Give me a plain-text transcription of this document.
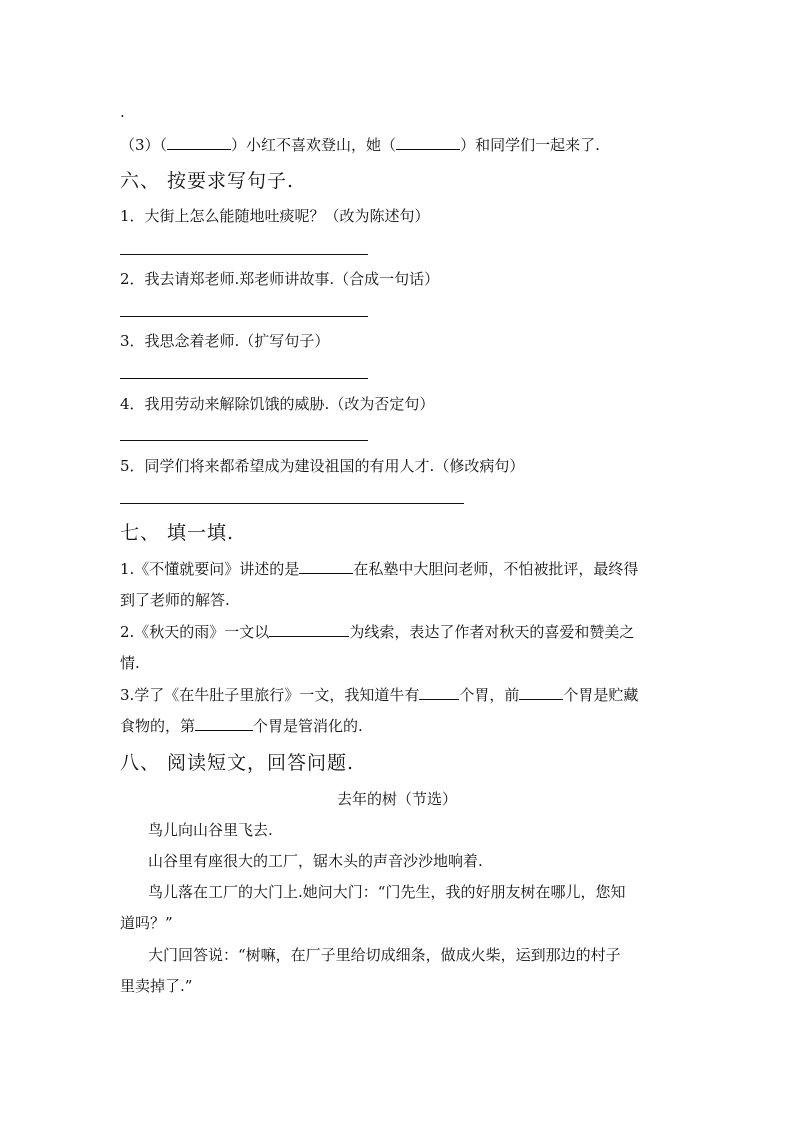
.
（3）（	）小红不喜欢登山，她（	）和同学们一起来了.
六、 按要求写句子.
1．大街上怎么能随地吐痰呢？（改为陈述句）
2．我去请郑老师.郑老师讲故事.（合成一句话）
3．我思念着老师.（扩写句子）
4．我用劳动来解除饥饿的威胁.（改为否定句）
5．同学们将来都希望成为建设祖国的有用人才.（修改病句）
七、 填一填.
1.《不懂就要问》讲述的是	在私塾中大胆问老师，不怕被批评，最终得
到了老师的解答.
2.《秋天的雨》一文以	为线索，表达了作者对秋天的喜爱和赞美之
情.
3.学了《在牛肚子里旅行》一文，我知道牛有	个胃，前	个胃是贮藏
食物的，第	个胃是管消化的.
八、 阅读短文，回答问题.
去年的树（节选）
鸟儿向山谷里飞去.
山谷里有座很大的工厂，锯木头的声音沙沙地响着.
鸟儿落在工厂的大门上.她问大门：“门先生，我的好朋友树在哪儿，您知
道吗？”
大门回答说：“树嘛，在厂子里给切成细条，做成火柴，运到那边的村子
里卖掉了.”
